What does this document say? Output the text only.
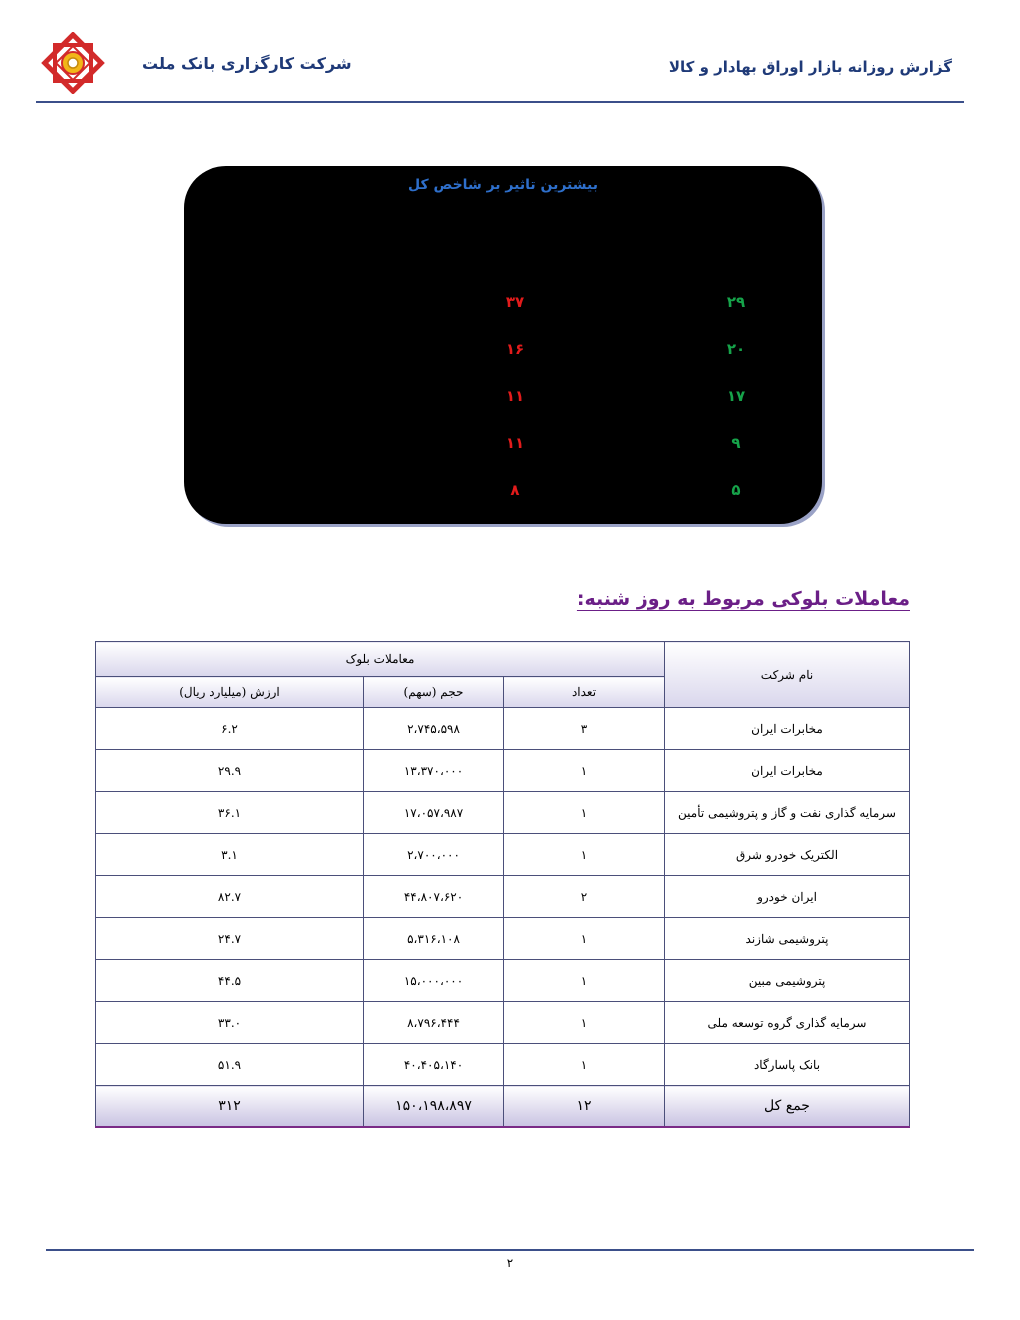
شرکت کارگزاری بانک ملت	گزارش روزانه بازار اوراق بهادار و کالا
بیشترین تاثیر بر شاخص کل
۳۷
۱۶
۱۱
۱۱
۸
۲۹
۲۰
۱۷
۹
۵
معاملات بلوکی مربوط به روز شنبه:
نام شرکت	معاملات بلوک		
	تعداد	حجم (سهم)	ارزش (میلیارد ریال)
مخابرات ایران	۳	۲،۷۴۵،۵۹۸	۶.۲
مخابرات ایران	۱	۱۳،۳۷۰،۰۰۰	۲۹.۹
سرمایه گذاری نفت و گاز و پتروشیمی تأمین	۱	۱۷،۰۵۷،۹۸۷	۳۶.۱
الکتریک خودرو شرق	۱	۲،۷۰۰،۰۰۰	۳.۱
ایران خودرو	۲	۴۴،۸۰۷،۶۲۰	۸۲.۷
پتروشیمی شازند	۱	۵،۳۱۶،۱۰۸	۲۴.۷
پتروشیمی مبین	۱	۱۵،۰۰۰،۰۰۰	۴۴.۵
سرمایه گذاری گروه توسعه ملی	۱	۸،۷۹۶،۴۴۴	۳۳.۰
بانک پاسارگاد	۱	۴۰،۴۰۵،۱۴۰	۵۱.۹
جمع کل	۱۲	۱۵۰،۱۹۸،۸۹۷	۳۱۲
۲
